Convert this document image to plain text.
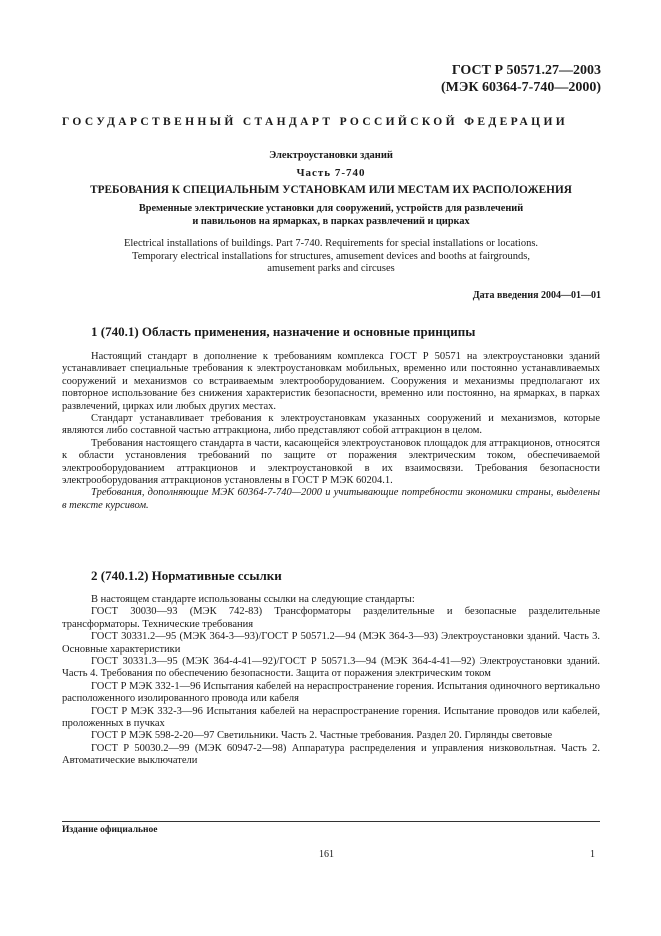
ГОСТ Р 50571.27—2003
(МЭК 60364-7-740—2000)
ГОСУДАРСТВЕННЫЙ СТАНДАРТ РОССИЙСКОЙ ФЕДЕРАЦИИ
Электроустановки зданий
Часть 7-740
ТРЕБОВАНИЯ К СПЕЦИАЛЬНЫМ УСТАНОВКАМ ИЛИ МЕСТАМ ИХ РАСПОЛОЖЕНИЯ
Временные электрические установки для сооружений, устройств для развлечений
и павильонов на ярмарках, в парках развлечений и цирках
Electrical installations of buildings. Part 7-740. Requirements for special installations or locations.
Temporary electrical installations for structures, amusement devices and booths at fairgrounds,
amusement parks and circuses
Дата введения 2004—01—01
1 (740.1) Область применения, назначение и основные принципы

Настоящий стандарт в дополнение к требованиям комплекса ГОСТ Р 50571 на электроустановки зданий устанавливает специальные требования к электроустановкам мобильных, временно или постоянно устанавливаемых сооружений и механизмов со встраиваемым электрооборудованием. Сооружения и механизмы предполагают их повторное использование без снижения характеристик безопасности, временно или постоянно, на ярмарках, в парках развлечений, цирках или любых других местах.

Стандарт устанавливает требования к электроустановкам указанных сооружений и механизмов, которые являются либо составной частью аттракциона, либо представляют собой аттракцион в целом.

Требования настоящего стандарта в части, касающейся электроустановок площадок для аттракционов, относятся к области установления требований по защите от поражения электрическим током, обеспечиваемой электрооборудованием аттракционов и электроустановкой в их взаимосвязи. Требования безопасности электрооборудования аттракционов установлены в ГОСТ Р МЭК 60204.1.

Требования, дополняющие МЭК 60364-7-740—2000 и учитывающие потребности экономики страны, выделены в тексте курсивом.

2 (740.1.2) Нормативные ссылки

В настоящем стандарте использованы ссылки на следующие стандарты:

ГОСТ 30030—93 (МЭК 742-83) Трансформаторы разделительные и безопасные разделительные трансформаторы. Технические требования

ГОСТ 30331.2—95 (МЭК 364-3—93)/ГОСТ Р 50571.2—94 (МЭК 364-3—93) Электроустановки зданий. Часть 3. Основные характеристики

ГОСТ 30331.3—95 (МЭК 364-4-41—92)/ГОСТ Р 50571.3—94 (МЭК 364-4-41—92) Электроустановки зданий. Часть 4. Требования по обеспечению безопасности. Защита от поражения электрическим током

ГОСТ Р МЭК 332-1—96 Испытания кабелей на нераспространение горения. Испытания одиночного вертикально расположенного изолированного провода или кабеля

ГОСТ Р МЭК 332-3—96 Испытания кабелей на нераспространение горения. Испытание проводов или кабелей, проложенных в пучках

ГОСТ Р МЭК 598-2-20—97 Светильники. Часть 2. Частные требования. Раздел 20. Гирлянды световые

ГОСТ Р 50030.2—99 (МЭК 60947-2—98) Аппаратура распределения и управления низковольтная. Часть 2. Автоматические выключатели

Издание официальное
161	1
